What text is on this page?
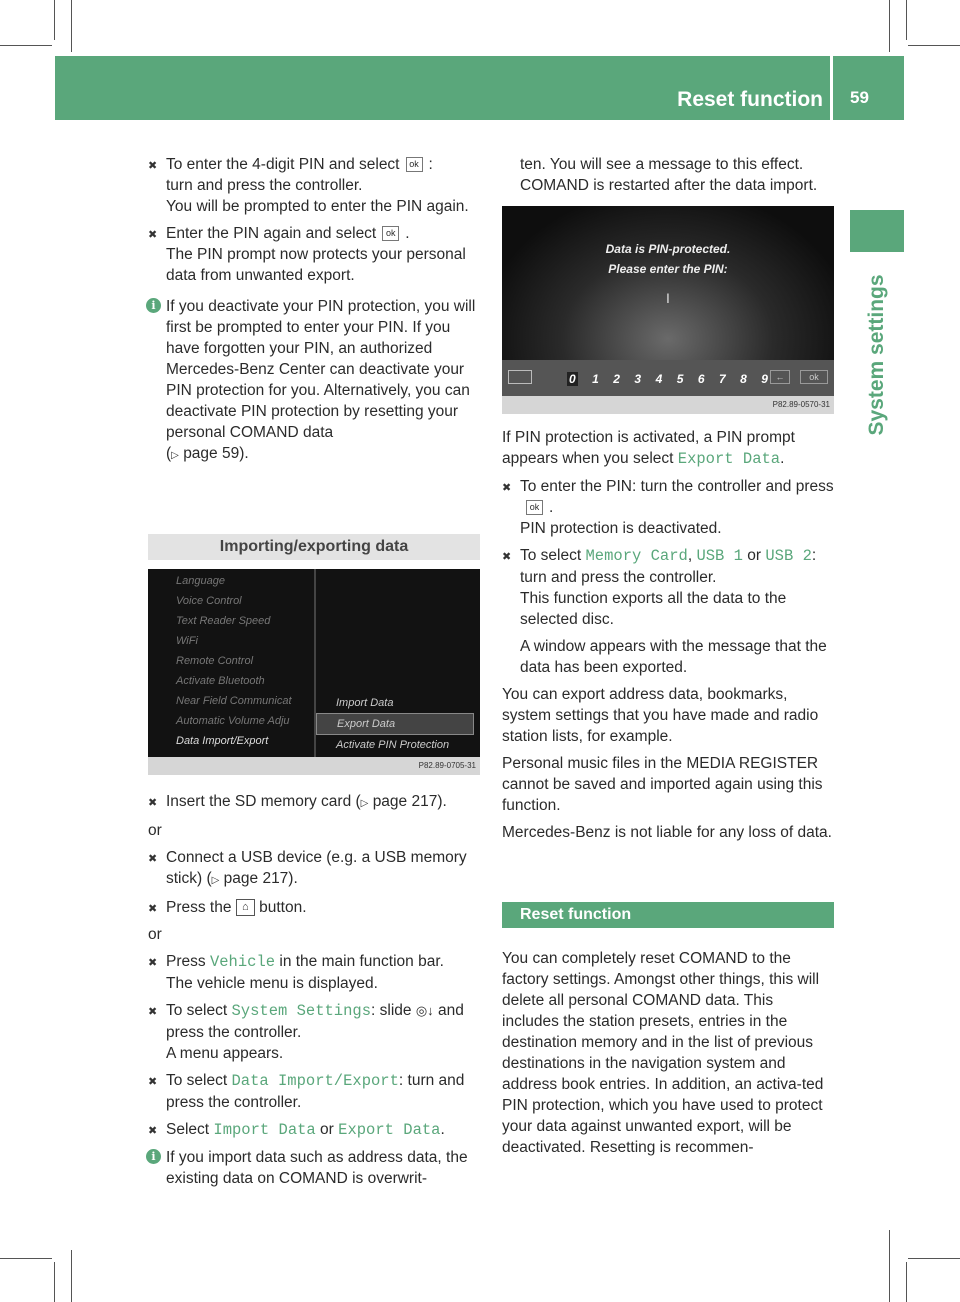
Reset function 59
System settings
✖ To enter the 4-digit PIN and select ok :
turn and press the controller.
You will be prompted to enter the PIN again.
✖ Enter the PIN again and select ok .
The PIN prompt now protects your personal data from unwanted export.
i If you deactivate your PIN protection, you will first be prompted to enter your PIN. If you have forgotten your PIN, an authorized Mercedes-Benz Center can deactivate your PIN protection for you. Alternatively, you can deactivate PIN protection by resetting your personal COMAND data
(▷ page 59).
Importing/exporting data
Language
Voice Control
Text Reader Speed
WiFi
Remote Control
Activate Bluetooth
Near Field Communicat
Automatic Volume Adju
Data Import/Export
Import Data
Export Data
Activate PIN Protection
P82.89-0705-31
✖ Insert the SD memory card (▷ page 217).

or

✖ Connect a USB device (e.g. a USB memory stick) (▷ page 217).
✖ Press the ⌂ button.

or

✖ Press Vehicle in the main function bar.
The vehicle menu is displayed.
✖ To select System Settings: slide ◎↓ and press the controller.
A menu appears.
✖ To select Data Import/Export: turn and press the controller.
✖ Select Import Data or Export Data.
i If you import data such as address data, the existing data on COMAND is overwrit-

ten. You will see a message to this effect. COMAND is restarted after the data import.

Data is PIN-protected.
Please enter the PIN:
I
0 1 2 3 4 5 6 7 8 9 ←	ok
P82.89-0570-31

If PIN protection is activated, a PIN prompt appears when you select Export Data.

✖ To enter the PIN: turn the controller and pressok .
PIN protection is deactivated.
✖ To select Memory Card, USB 1 or USB 2:
turn and press the controller.
This function exports all the data to the selected disc.
A window appears with the message that the data has been exported.

You can export address data, bookmarks, system settings that you have made and radio station lists, for example.

Personal music files in the MEDIA REGISTER cannot be saved and imported again using this function.

Mercedes-Benz is not liable for any loss of data.

Reset function

You can completely reset COMAND to the factory settings. Amongst other things, this will delete all personal COMAND data. This includes the station presets, entries in the destination memory and in the list of previous destinations in the navigation system and address book entries. In addition, an activa-ted PIN protection, which you have used to protect your data against unwanted export, will be deactivated. Resetting is recommen-
